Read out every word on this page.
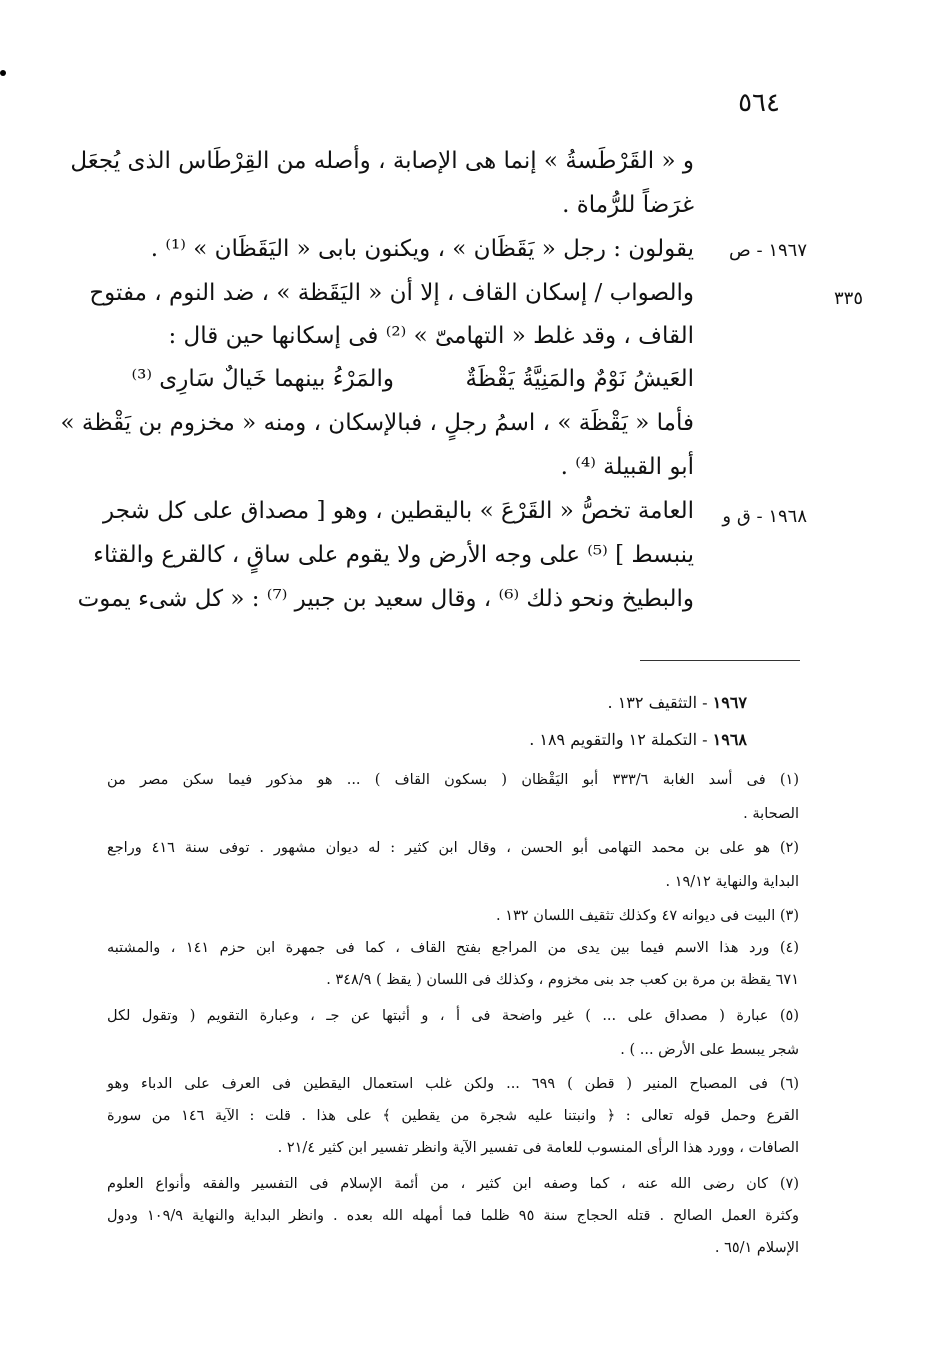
٥٦٤
و « القَرْطَسةُ » إنما هى الإصابة ، وأصله من القِرْطَاس الذى يُجعَل
غرَضاً للرُّماة .
١٩٦٧ - ص
٣٣٥
يقولون : رجل « يَقَظَان » ، ويكنون بابى « اليَقَظَان » ⁽¹⁾ .
والصواب / إسكان القاف ، إلا أن « اليَقَظة » ، ضد النوم ، مفتوح
القاف ، وقد غلط « التهامىّ » ⁽²⁾ فى إسكانها حين قال :
العَيشُ نَوْمٌ والمَنِيَّةُ يَقْظَةٌ
والمَرْءُ بينهما خَيالٌ سَارِى ⁽³⁾
فأما « يَقْظَة » ، اسمُ رجلٍ ، فبالإسكان ، ومنه « مخزوم بن يَقْظة »
أبو القبيلة ⁽⁴⁾ .
١٩٦٨ - ق و
العامة تخصُّ « القَرْعَ » باليقطين ، وهو [ مصداق على كل شجر
ينبسط ] ⁽⁵⁾ على وجه الأرض ولا يقوم على ساقٍ ، كالقرع والقثاء
والبطيخ ونحو ذلك ⁽⁶⁾ ، وقال سعيد بن جبير ⁽⁷⁾ : « كل شىء يموت
١٩٦٧ - التثقيف ١٣٢ .
١٩٦٨ - التكملة ١٢ والتقويم ١٨٩ .
(١) فى أسد الغابة ٣٣٣/٦ أبو اليَقْظان ( بسكون القاف ) ... هو مذكور فيما سكن مصر من
الصحابة .
(٢) هو على بن محمد التهامى أبو الحسن ، وقال ابن كثير : له ديوان مشهور . توفى سنة ٤١٦ وراجع
البداية والنهاية ١٩/١٢ .
(٣) البيت فى ديوانه ٤٧ وكذلك تثقيف اللسان ١٣٢ .
(٤) ورد هذا الاسم فيما بين يدى من المراجع بفتح القاف ، كما فى جمهرة ابن حزم ١٤١ ، والمشتبه
٦٧١ يقظة بن مرة بن كعب جد بنى مخزوم ، وكذلك فى اللسان ( يقظ ) ٣٤٨/٩ .
(٥) عبارة ( مصداق على ... ) غير واضحة فى أ ، و أثبتها عن جـ ، وعبارة التقويم ( وتقول لكل
شجر يبسط على الأرض ... ) .
(٦) فى المصباح المنير ( قطن ) ٦٩٩ ... ولكن غلب استعمال اليقطين فى العرف على الدباء وهو
القرع وحمل قوله تعالى : ﴿ وانبتنا عليه شجرة من يقطين ﴾ على هذا . قلت : الآية ١٤٦ من سورة
الصافات ، وورد هذا الرأى المنسوب للعامة فى تفسير الآية وانظر تفسير ابن كثير ٢١/٤ .
(٧) كان رضى الله عنه ، كما وصفه ابن كثير ، من أئمة الإسلام فى التفسير والفقه وأنواع العلوم
وكثرة العمل الصالح . قتله الحجاج سنة ٩٥ ظلما فما أمهله الله بعده . وانظر البداية والنهاية ١٠٩/٩ ودول
الإسلام ٦٥/١ .
